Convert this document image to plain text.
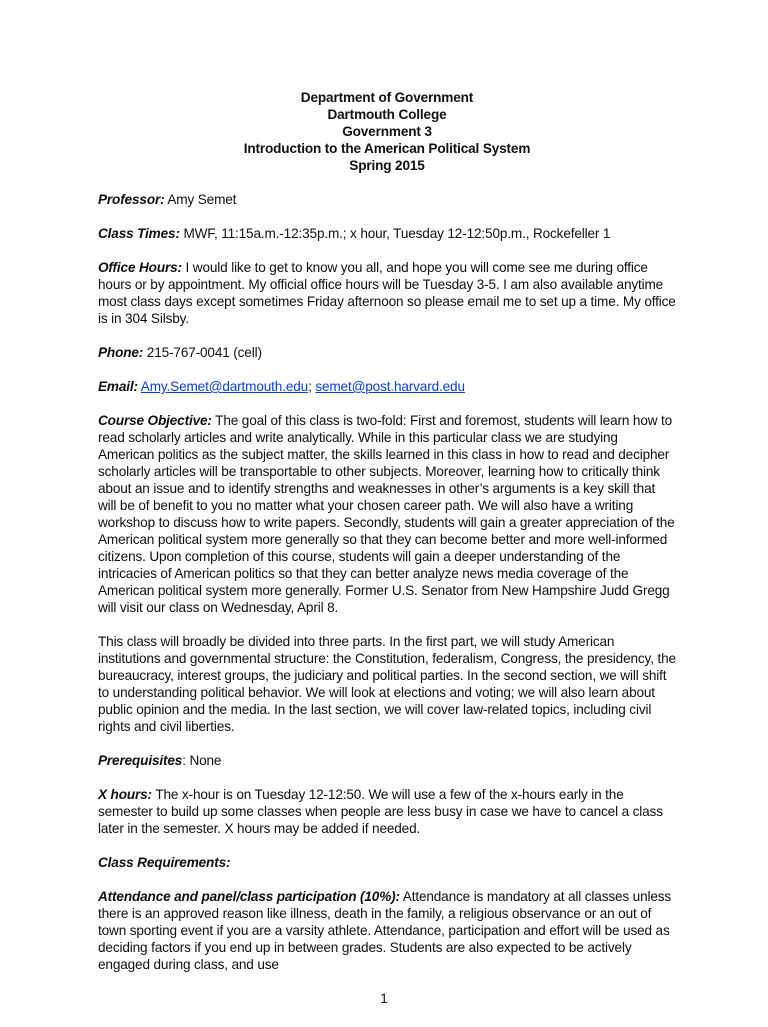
Department of Government
Dartmouth College
Government 3
Introduction to the American Political System
Spring 2015

Professor: Amy Semet

Class Times: MWF, 11:15a.m.-12:35p.m.; x hour, Tuesday 12-12:50p.m., Rockefeller 1

Office Hours: I would like to get to know you all, and hope you will come see me during office hours or by appointment. My official office hours will be Tuesday 3-5. I am also available anytime most class days except sometimes Friday afternoon so please email me to set up a time. My office is in 304 Silsby.

Phone: 215-767-0041 (cell)

Email: Amy.Semet@dartmouth.edu; semet@post.harvard.edu

Course Objective: The goal of this class is two-fold: First and foremost, students will learn how to read scholarly articles and write analytically. While in this particular class we are studying American politics as the subject matter, the skills learned in this class in how to read and decipher scholarly articles will be transportable to other subjects. Moreover, learning how to critically think about an issue and to identify strengths and weaknesses in other’s arguments is a key skill that will be of benefit to you no matter what your chosen career path. We will also have a writing workshop to discuss how to write papers. Secondly, students will gain a greater appreciation of the American political system more generally so that they can become better and more well-informed citizens. Upon completion of this course, students will gain a deeper understanding of the intricacies of American politics so that they can better analyze news media coverage of the American political system more generally. Former U.S. Senator from New Hampshire Judd Gregg will visit our class on Wednesday, April 8.

This class will broadly be divided into three parts. In the first part, we will study American institutions and governmental structure: the Constitution, federalism, Congress, the presidency, the bureaucracy, interest groups, the judiciary and political parties. In the second section, we will shift to understanding political behavior. We will look at elections and voting; we will also learn about public opinion and the media. In the last section, we will cover law-related topics, including civil rights and civil liberties.

Prerequisites: None

X hours: The x-hour is on Tuesday 12-12:50. We will use a few of the x-hours early in the semester to build up some classes when people are less busy in case we have to cancel a class later in the semester. X hours may be added if needed.

Class Requirements:

Attendance and panel/class participation (10%): Attendance is mandatory at all classes unless there is an approved reason like illness, death in the family, a religious observance or an out of town sporting event if you are a varsity athlete. Attendance, participation and effort will be used as deciding factors if you end up in between grades. Students are also expected to be actively engaged during class, and use

1
